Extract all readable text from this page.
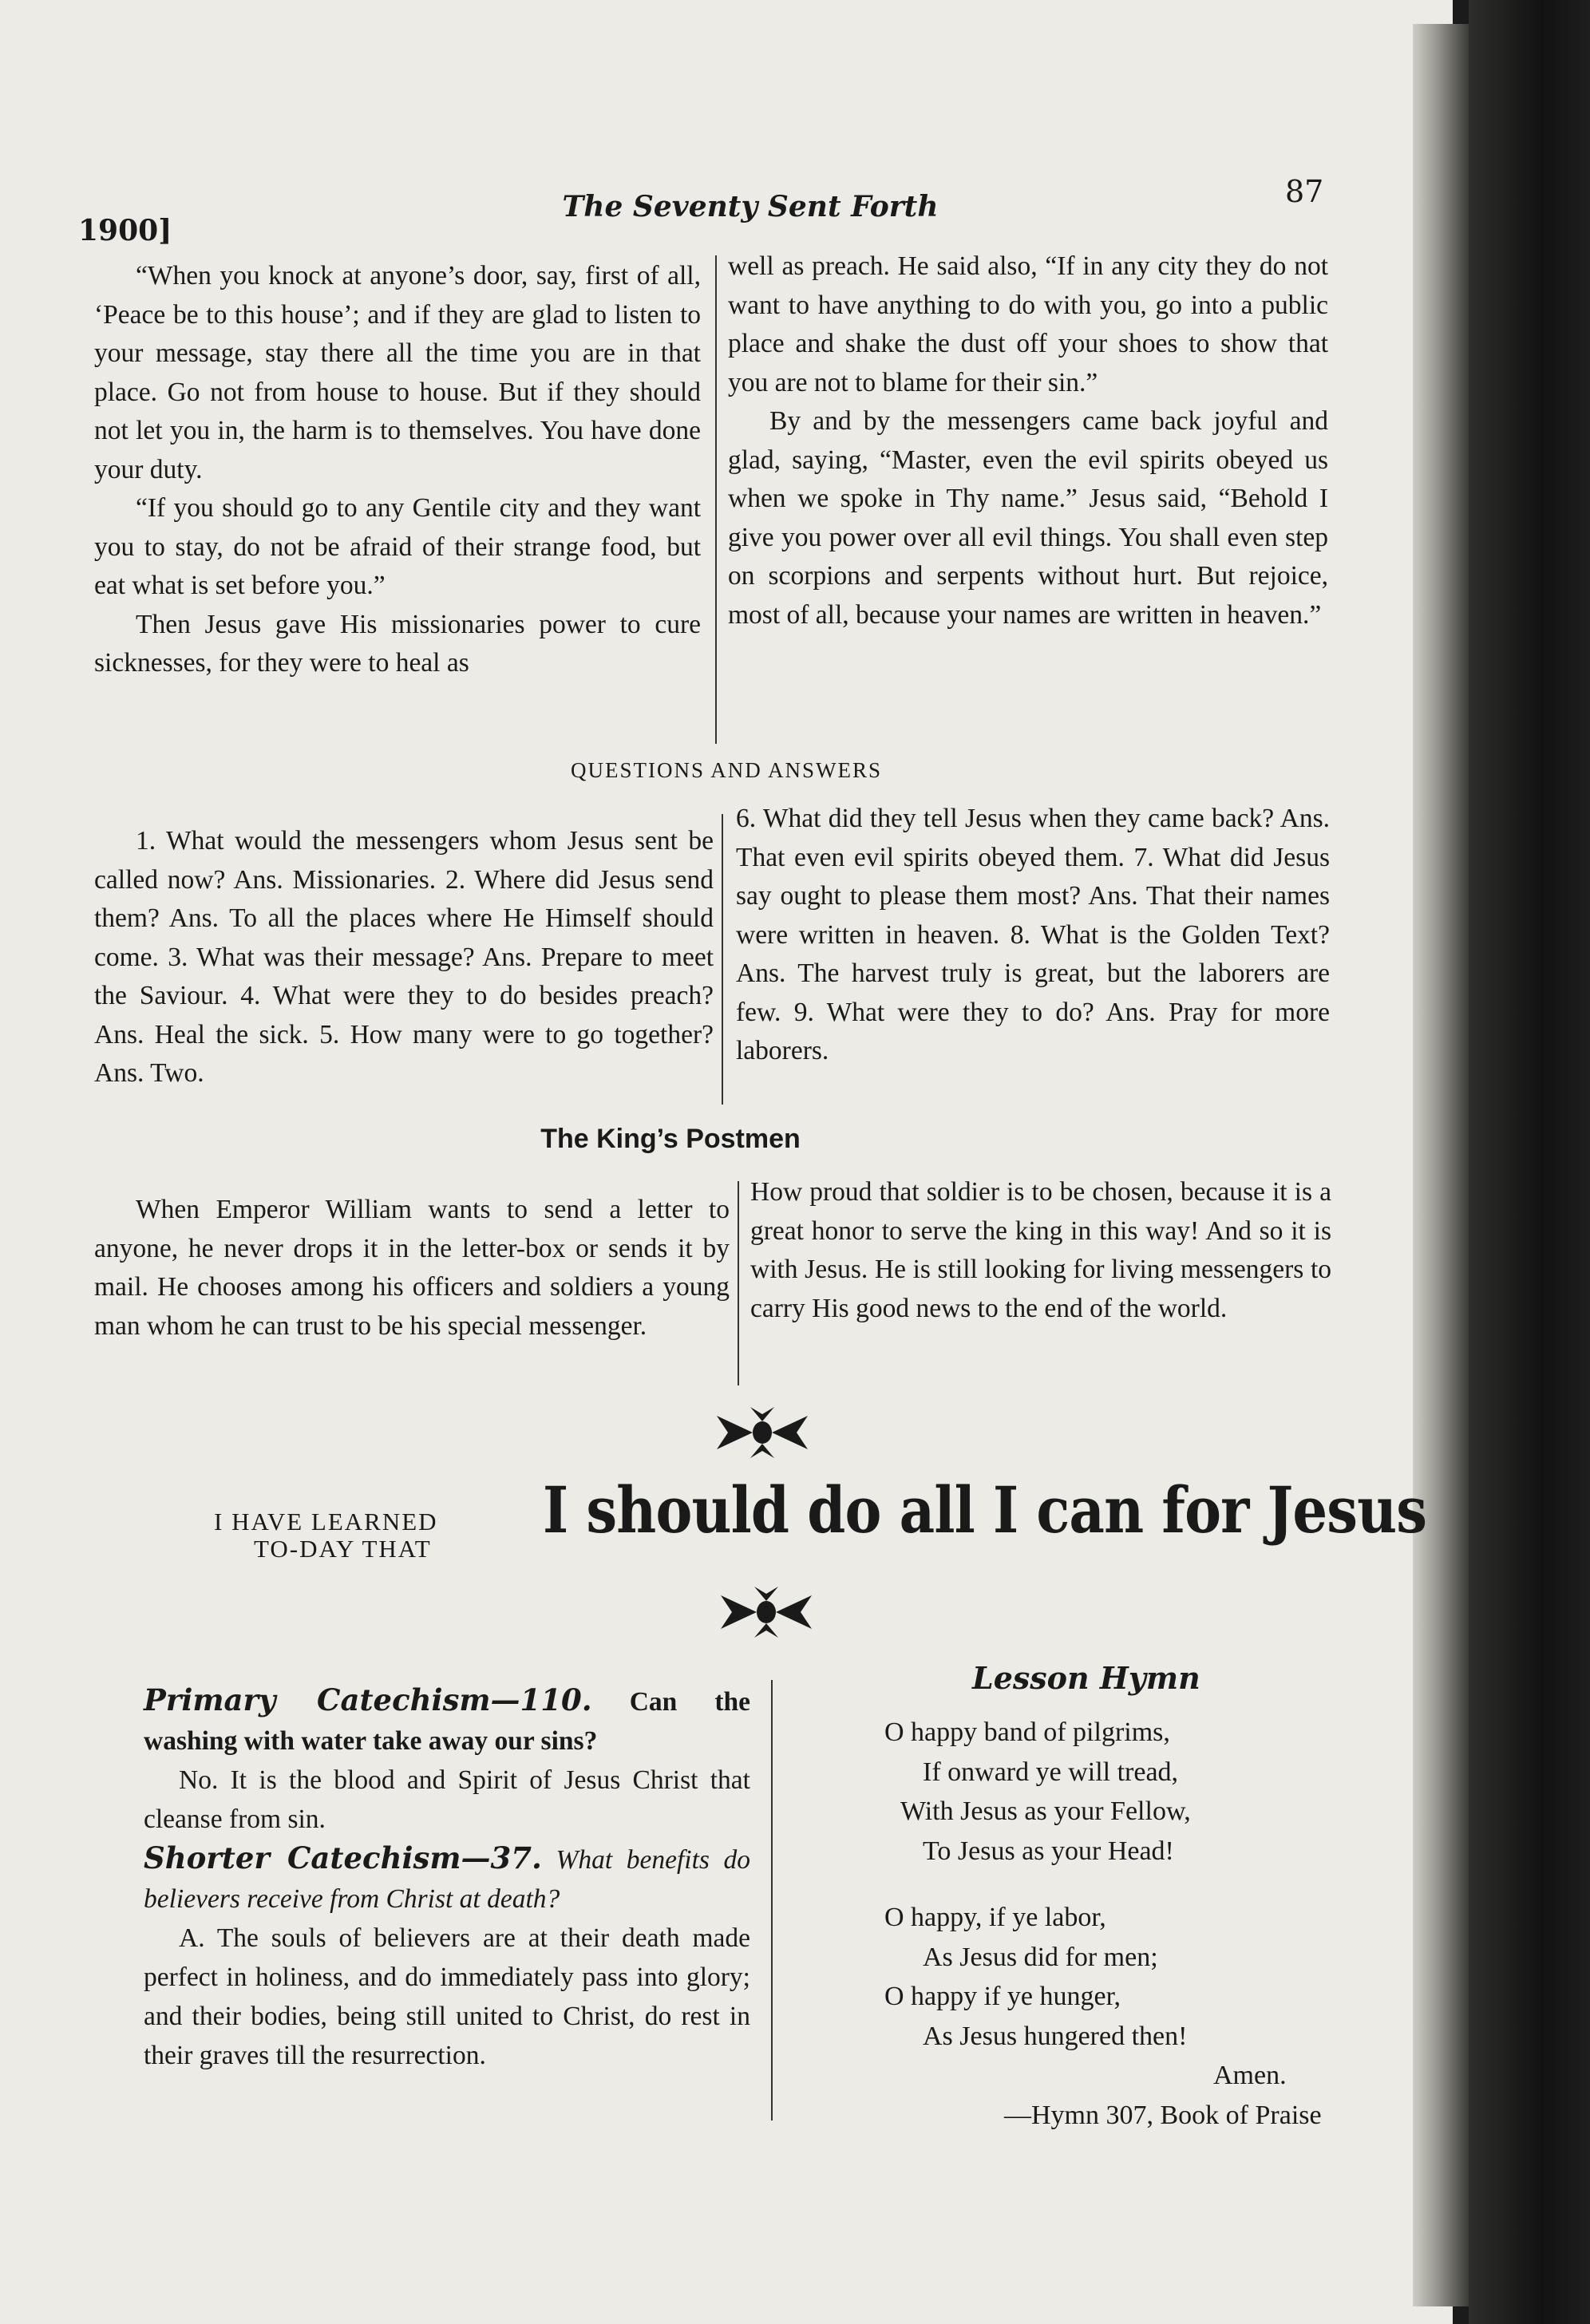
1900]
The Seventy Sent Forth	87

“When you knock at anyone’s door, say, first of all, ‘Peace be to this house’; and if they are glad to listen to your message, stay there all the time you are in that place. Go not from house to house. But if they should not let you in, the harm is to themselves. You have done your duty.

“If you should go to any Gentile city and they want you to stay, do not be afraid of their strange food, but eat what is set before you.”

Then Jesus gave His missionaries power to cure sicknesses, for they were to heal as

well as preach. He said also, “If in any city they do not want to have anything to do with you, go into a public place and shake the dust off your shoes to show that you are not to blame for their sin.”

By and by the messengers came back joyful and glad, saying, “Master, even the evil spirits obeyed us when we spoke in Thy name.” Jesus said, “Behold I give you power over all evil things. You shall even step on scorpions and serpents without hurt. But rejoice, most of all, because your names are written in heaven.”

QUESTIONS AND ANSWERS

1. What would the messengers whom Jesus sent be called now? Ans. Missionaries. 2. Where did Jesus send them? Ans. To all the places where He Himself should come. 3. What was their message? Ans. Prepare to meet the Saviour. 4. What were they to do besides preach? Ans. Heal the sick. 5. How many were to go together? Ans. Two.

6. What did they tell Jesus when they came back? Ans. That even evil spirits obeyed them. 7. What did Jesus say ought to please them most? Ans. That their names were written in heaven. 8. What is the Golden Text? Ans. The harvest truly is great, but the laborers are few. 9. What were they to do? Ans. Pray for more laborers.

The King’s Postmen

When Emperor William wants to send a letter to anyone, he never drops it in the letter-box or sends it by mail. He chooses among his officers and soldiers a young man whom he can trust to be his special messenger.

How proud that soldier is to be chosen, because it is a great honor to serve the king in this way! And so it is with Jesus. He is still looking for living messengers to carry His good news to the end of the world.

I HAVE LEARNED
TO-DAY THAT
I should do all I can for Jesus

Primary Catechism—110. Can the washing with water take away our sins?

No. It is the blood and Spirit of Jesus Christ that cleanse from sin.

Shorter Catechism—37. What benefits do believers receive from Christ at death?

A. The souls of believers are at their death made perfect in holiness, and do immediately pass into glory; and their bodies, being still united to Christ, do rest in their graves till the resurrection.

Lesson Hymn
O happy band of pilgrims,
If onward ye will tread,
With Jesus as your Fellow,
To Jesus as your Head!
O happy, if ye labor,
As Jesus did for men;
O happy if ye hunger,
As Jesus hungered then!
Amen.
—Hymn 307, Book of Praise
